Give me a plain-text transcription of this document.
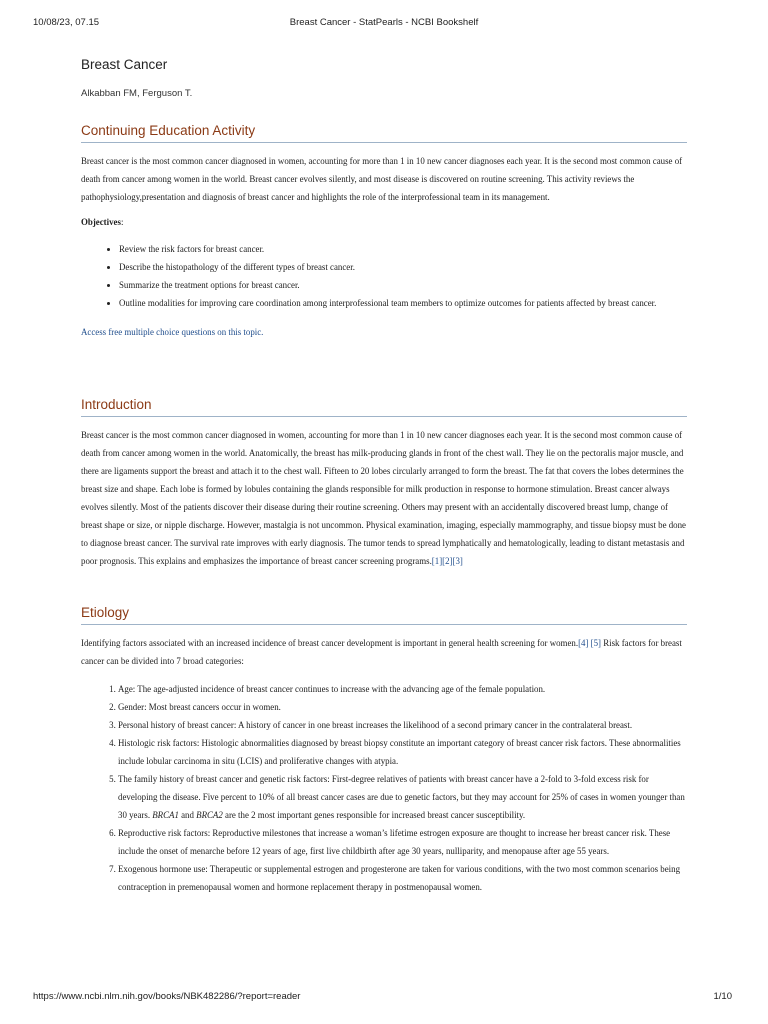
10/08/23, 07.15	Breast Cancer - StatPearls - NCBI Bookshelf
Breast Cancer
Alkabban FM, Ferguson T.
Continuing Education Activity

Breast cancer is the most common cancer diagnosed in women, accounting for more than 1 in 10 new cancer diagnoses each year. It is the second most common cause of death from cancer among women in the world. Breast cancer evolves silently, and most disease is discovered on routine screening. This activity reviews the pathophysiology,presentation and diagnosis of breast cancer and highlights the role of the interprofessional team in its management.

Objectives:
• Review the risk factors for breast cancer.
• Describe the histopathology of the different types of breast cancer.
• Summarize the treatment options for breast cancer.
• Outline modalities for improving care coordination among interprofessional team members to optimize outcomes for patients affected by breast cancer.
Access free multiple choice questions on this topic.
Introduction

Breast cancer is the most common cancer diagnosed in women, accounting for more than 1 in 10 new cancer diagnoses each year. It is the second most common cause of death from cancer among women in the world. Anatomically, the breast has milk-producing glands in front of the chest wall. They lie on the pectoralis major muscle, and there are ligaments support the breast and attach it to the chest wall. Fifteen to 20 lobes circularly arranged to form the breast. The fat that covers the lobes determines the breast size and shape. Each lobe is formed by lobules containing the glands responsible for milk production in response to hormone stimulation. Breast cancer always evolves silently. Most of the patients discover their disease during their routine screening. Others may present with an accidentally discovered breast lump, change of breast shape or size, or nipple discharge. However, mastalgia is not uncommon. Physical examination, imaging, especially mammography, and tissue biopsy must be done to diagnose breast cancer. The survival rate improves with early diagnosis. The tumor tends to spread lymphatically and hematologically, leading to distant metastasis and poor prognosis. This explains and emphasizes the importance of breast cancer screening programs.[1][2][3]

Etiology

Identifying factors associated with an increased incidence of breast cancer development is important in general health screening for women.[4] [5] Risk factors for breast cancer can be divided into 7 broad categories:

1. Age: The age-adjusted incidence of breast cancer continues to increase with the advancing age of the female population.
2. Gender: Most breast cancers occur in women.
3. Personal history of breast cancer: A history of cancer in one breast increases the likelihood of a second primary cancer in the contralateral breast.
4. Histologic risk factors: Histologic abnormalities diagnosed by breast biopsy constitute an important category of breast cancer risk factors. These abnormalities include lobular carcinoma in situ (LCIS) and proliferative changes with atypia.
5. The family history of breast cancer and genetic risk factors: First-degree relatives of patients with breast cancer have a 2-fold to 3-fold excess risk for developing the disease. Five percent to 10% of all breast cancer cases are due to genetic factors, but they may account for 25% of cases in women younger than 30 years. BRCA1 and BRCA2 are the 2 most important genes responsible for increased breast cancer susceptibility.
6. Reproductive risk factors: Reproductive milestones that increase a woman’s lifetime estrogen exposure are thought to increase her breast cancer risk. These include the onset of menarche before 12 years of age, first live childbirth after age 30 years, nulliparity, and menopause after age 55 years.
7. Exogenous hormone use: Therapeutic or supplemental estrogen and progesterone are taken for various conditions, with the two most common scenarios being contraception in premenopausal women and hormone replacement therapy in postmenopausal women.
https://www.ncbi.nlm.nih.gov/books/NBK482286/?report=reader	1/10
